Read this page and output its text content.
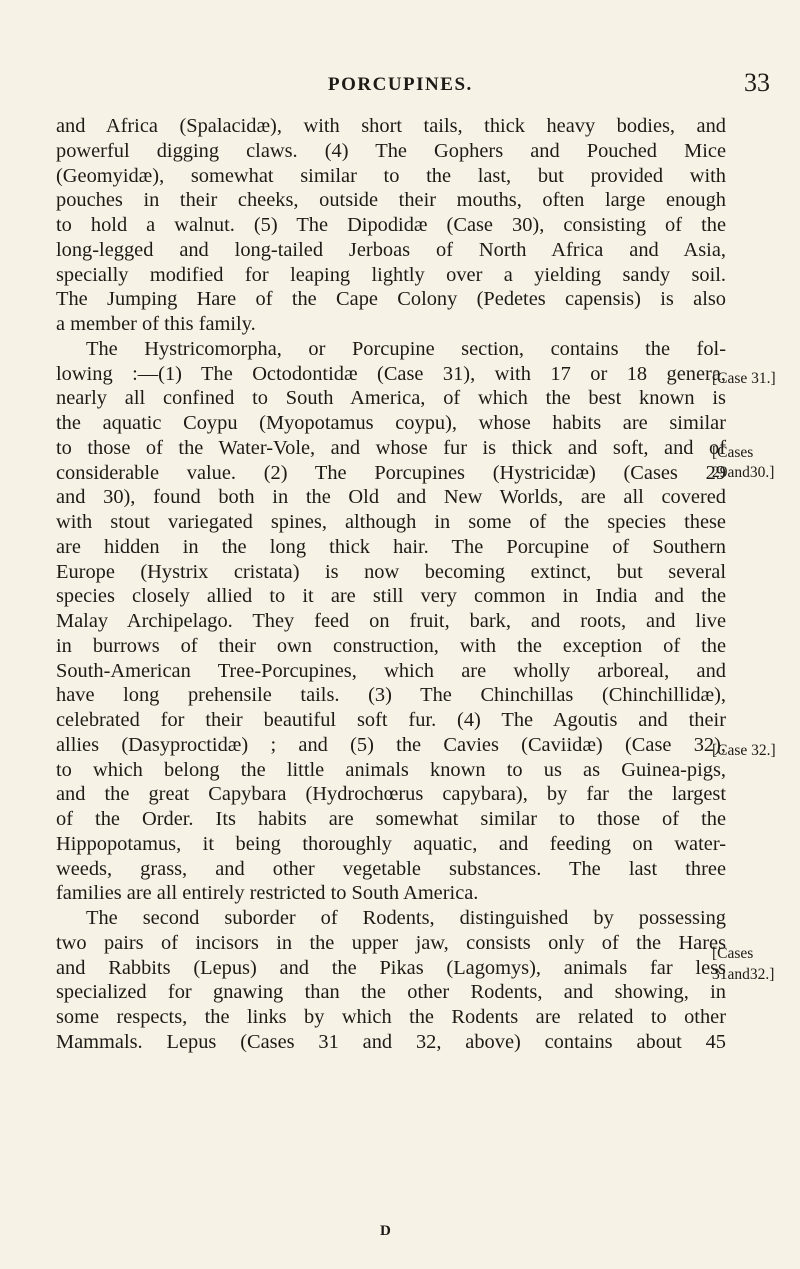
PORCUPINES.	33
and Africa (Spalacidæ), with short tails, thick heavy bodies, and
powerful digging claws. (4) The Gophers and Pouched Mice
(Geomyidæ), somewhat similar to the last, but provided with
pouches in their cheeks, outside their mouths, often large enough
to hold a walnut. (5) The Dipodidæ (Case 30), consisting of the
long-legged and long-tailed Jerboas of North Africa and Asia,
specially modified for leaping lightly over a yielding sandy soil.
The Jumping Hare of the Cape Colony (Pedetes capensis) is also
a member of this family.
The Hystricomorpha, or Porcupine section, contains the fol-
lowing :—(1) The Octodontidæ (Case 31), with 17 or 18 genera,
nearly all confined to South America, of which the best known is
the aquatic Coypu (Myopotamus coypu), whose habits are similar
to those of the Water-Vole, and whose fur is thick and soft, and of
considerable value. (2) The Porcupines (Hystricidæ) (Cases 29
and 30), found both in the Old and New Worlds, are all covered
with stout variegated spines, although in some of the species these
are hidden in the long thick hair. The Porcupine of Southern
Europe (Hystrix cristata) is now becoming extinct, but several
species closely allied to it are still very common in India and the
Malay Archipelago. They feed on fruit, bark, and roots, and live
in burrows of their own construction, with the exception of the
South-American Tree-Porcupines, which are wholly arboreal, and
have long prehensile tails. (3) The Chinchillas (Chinchillidæ),
celebrated for their beautiful soft fur. (4) The Agoutis and their
allies (Dasyproctidæ) ; and (5) the Cavies (Caviidæ) (Case 32),
to which belong the little animals known to us as Guinea-pigs,
and the great Capybara (Hydrochœrus capybara), by far the largest
of the Order. Its habits are somewhat similar to those of the
Hippopotamus, it being thoroughly aquatic, and feeding on water-
weeds, grass, and other vegetable substances. The last three
families are all entirely restricted to South America.
The second suborder of Rodents, distinguished by possessing
two pairs of incisors in the upper jaw, consists only of the Hares
and Rabbits (Lepus) and the Pikas (Lagomys), animals far less
specialized for gnawing than the other Rodents, and showing, in
some respects, the links by which the Rodents are related to other
Mammals. Lepus (Cases 31 and 32, above) contains about 45
[Case 31.]
[Cases
29and30.]
[Case 32.]
[Cases
31and32.]
D
